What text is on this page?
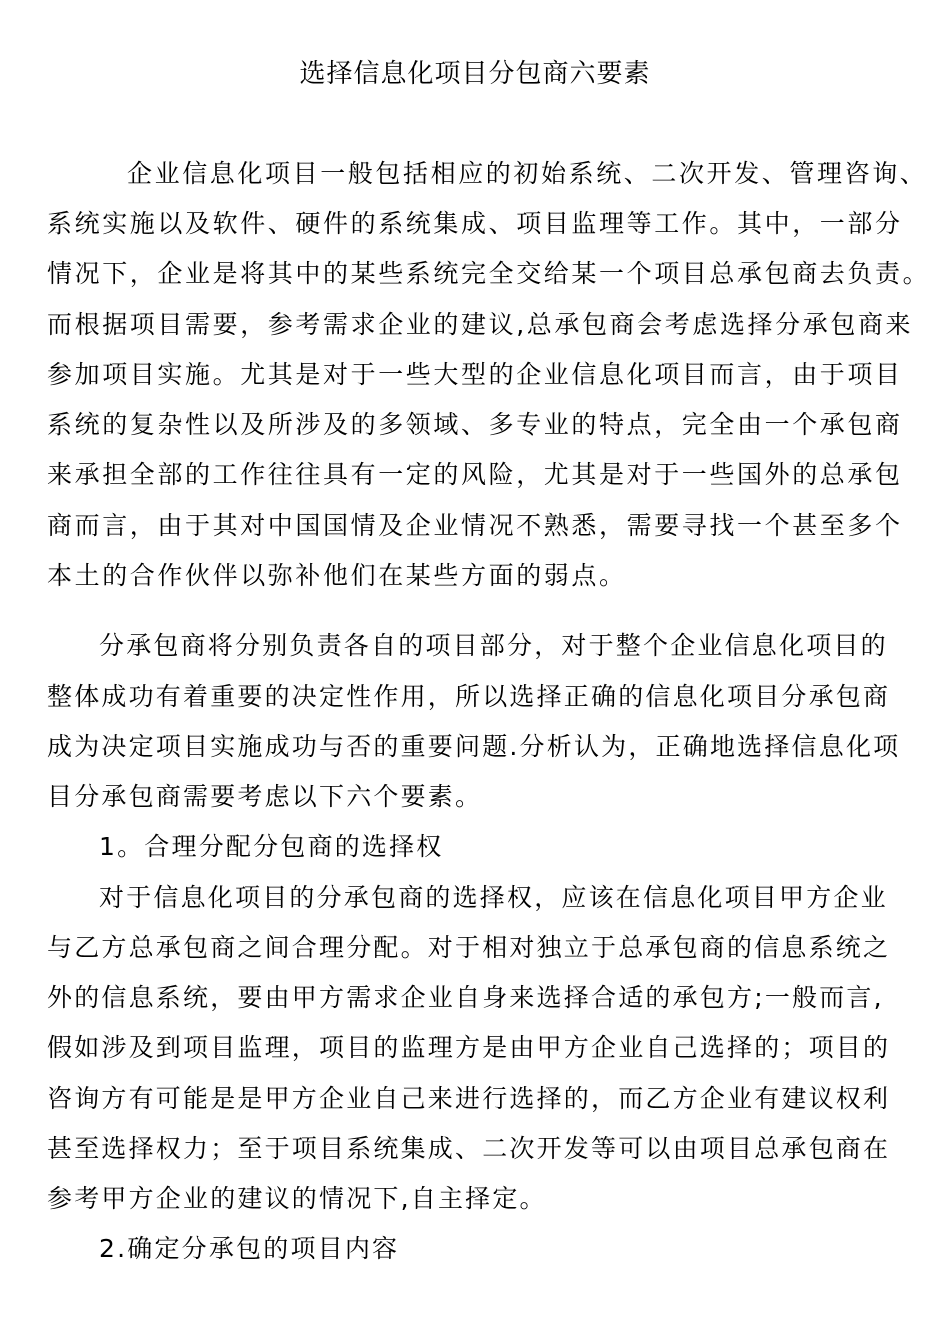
选择信息化项目分包商六要素
企业信息化项目一般包括相应的初始系统、二次开发、管理咨询、
系统实施以及软件、硬件的系统集成、项目监理等工作。其中，一部分
情况下，企业是将其中的某些系统完全交给某一个项目总承包商去负责。
而根据项目需要，参考需求企业的建议,总承包商会考虑选择分承包商来
参加项目实施。尤其是对于一些大型的企业信息化项目而言，由于项目
系统的复杂性以及所涉及的多领域、多专业的特点，完全由一个承包商
来承担全部的工作往往具有一定的风险，尤其是对于一些国外的总承包
商而言，由于其对中国国情及企业情况不熟悉，需要寻找一个甚至多个
本土的合作伙伴以弥补他们在某些方面的弱点。
分承包商将分别负责各自的项目部分，对于整个企业信息化项目的
整体成功有着重要的决定性作用，所以选择正确的信息化项目分承包商
成为决定项目实施成功与否的重要问题.分析认为，正确地选择信息化项
目分承包商需要考虑以下六个要素。
1。合理分配分包商的选择权
对于信息化项目的分承包商的选择权，应该在信息化项目甲方企业
与乙方总承包商之间合理分配。对于相对独立于总承包商的信息系统之
外的信息系统，要由甲方需求企业自身来选择合适的承包方;一般而言,
假如涉及到项目监理，项目的监理方是由甲方企业自己选择的；项目的
咨询方有可能是是甲方企业自己来进行选择的，而乙方企业有建议权利
甚至选择权力；至于项目系统集成、二次开发等可以由项目总承包商在
参考甲方企业的建议的情况下,自主择定。
2.确定分承包的项目内容
